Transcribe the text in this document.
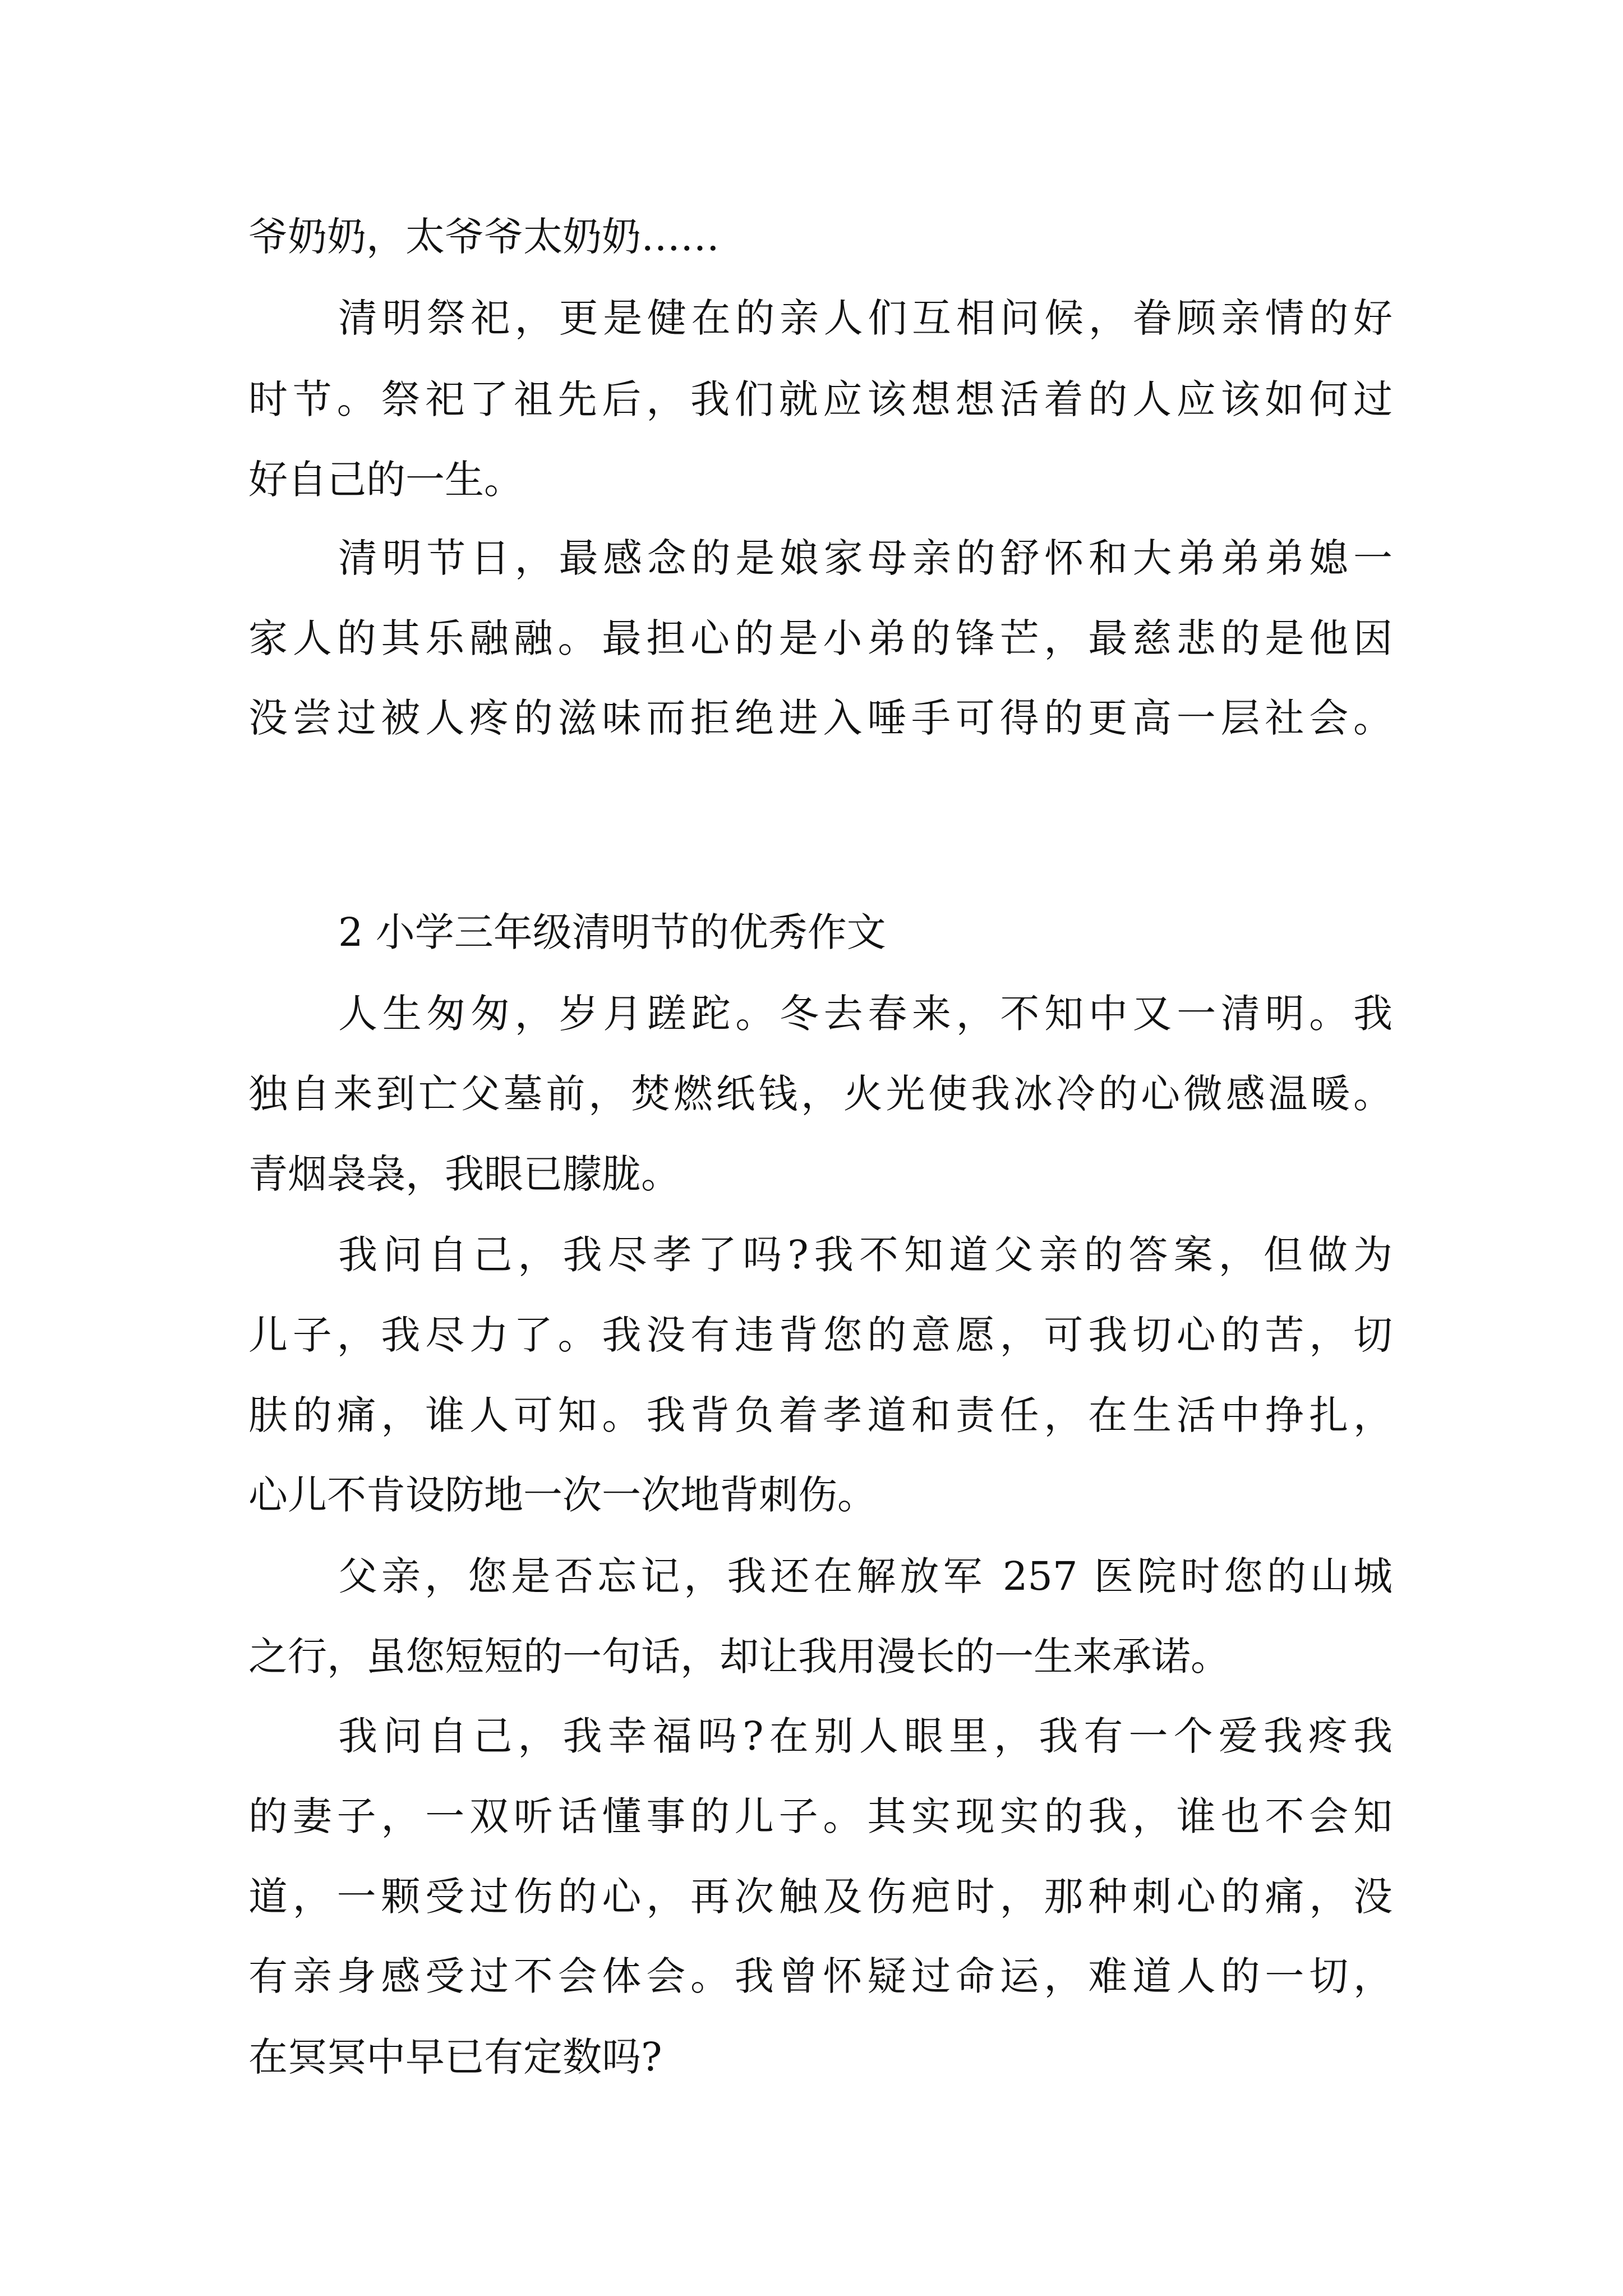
爷奶奶，太爷爷太奶奶……

清明祭祀，更是健在的亲人们互相问候，眷顾亲情的好

时节。祭祀了祖先后，我们就应该想想活着的人应该如何过

好自己的一生。

清明节日，最感念的是娘家母亲的舒怀和大弟弟弟媳一

家人的其乐融融。最担心的是小弟的锋芒，最慈悲的是他因

没尝过被人疼的滋味而拒绝进入唾手可得的更高一层社会。

2 小学三年级清明节的优秀作文

人生匆匆，岁月蹉跎。冬去春来，不知中又一清明。我

独自来到亡父墓前，焚燃纸钱，火光使我冰冷的心微感温暖。

青烟袅袅，我眼已朦胧。

我问自己，我尽孝了吗?我不知道父亲的答案，但做为

儿子，我尽力了。我没有违背您的意愿，可我切心的苦，切

肤的痛，谁人可知。我背负着孝道和责任，在生活中挣扎，

心儿不肯设防地一次一次地背刺伤。

父亲，您是否忘记，我还在解放军 257 医院时您的山城

之行，虽您短短的一句话，却让我用漫长的一生来承诺。

我问自己，我幸福吗?在别人眼里，我有一个爱我疼我

的妻子，一双听话懂事的儿子。其实现实的我，谁也不会知

道，一颗受过伤的心，再次触及伤疤时，那种刺心的痛，没

有亲身感受过不会体会。我曾怀疑过命运，难道人的一切，

在冥冥中早已有定数吗?
